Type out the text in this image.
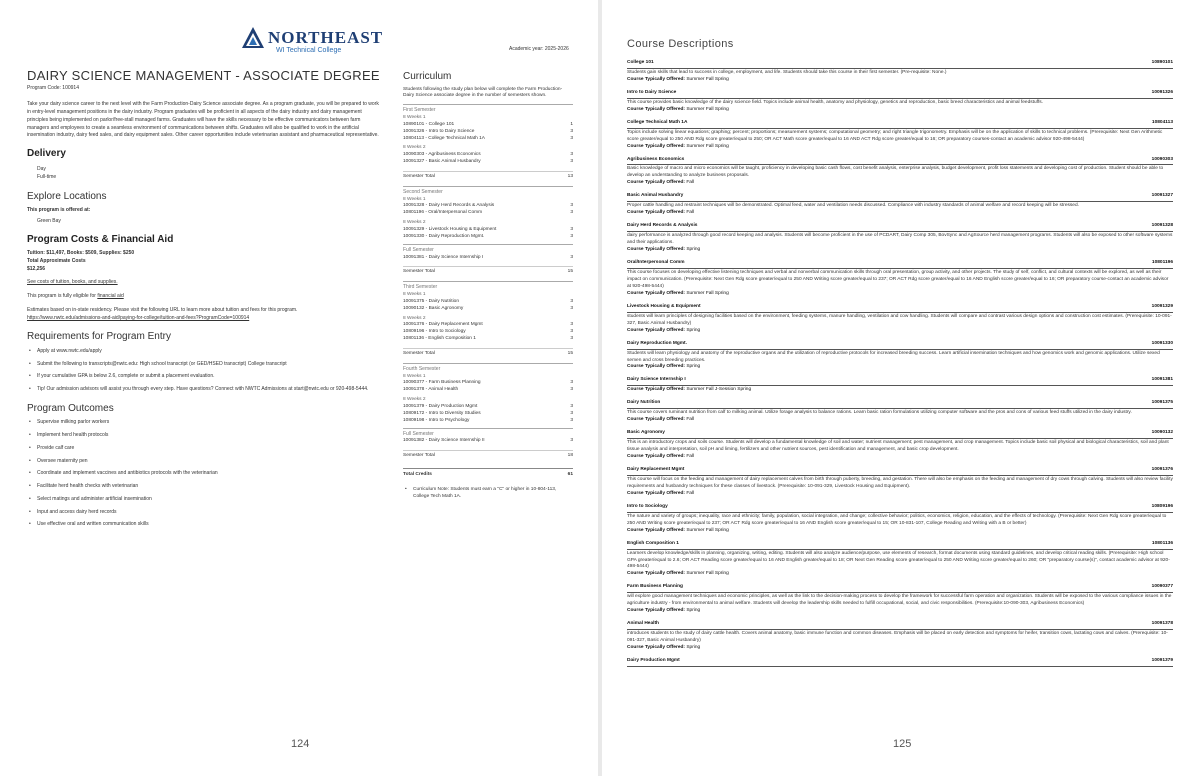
NORTHEAST
WI Technical College	Academic year: 2025-2026
DAIRY SCIENCE MANAGEMENT - ASSOCIATE DEGREE
Program Code: 100914
Take your dairy science career to the next level with the Farm Production-Dairy Science associate degree. As a program graduate, you will be prepared to work in entry-level management positions in the dairy industry. Program graduates will be proficient in all aspects of the dairy industry and dairy management principles being implemented on parlor/free-stall managed farms. Graduates will have the skills necessary to be effective communicators between farm managers and employees to create a seamless environment of communications between shifts. Graduates will also be qualified to work in the artificial insemination industry, dairy feed sales, and dairy equipment sales. Other career opportunities include veterinarian assistant and pharmaceutical representative.
Delivery
Day
Full-time
Explore Locations
This program is offered at:
Green Bay
Program Costs & Financial Aid
Tuition: $11,497, Books: $509, Supplies: $250
Total Approximate Costs
$12,256
See costs of tuition, books, and supplies.
This program is fully eligible for financial aid
Estimates based on in-state residency. Please visit the following URL to learn more about tuition and fees for this program.
https://www.nwtc.edu/admissions-and-aid/paying-for-college/tuition-and-fees?ProgramCode=100914
Requirements for Program Entry
• Apply at www.nwtc.edu/apply
• Submit the following to transcripts@nwtc.edu: High school transcript (or GED/HSED transcript) College transcript
• If your cumulative GPA is below 2.6, complete or submit a placement evaluation.
• Tip! Our admission advisors will assist you through every step. Have questions? Connect with NWTC Admissions at start@nwtc.edu or 920-498-5444.
Program Outcomes
• Supervise milking parlor workers
• Implement herd health protocols
• Provide calf care
• Oversee maternity pen
• Coordinate and implement vaccines and antibiotics protocols with the veterinarian
• Facilitate herd health checks with veterinarian
• Select matings and administer artificial insemination
• Input and access dairy herd records
• Use effective oral and written communication skills
Curriculum
Students following the study plan below will complete the Farm Production-Dairy Science associate degree in the number of semesters shown.
First Semester
8 Weeks 1
10890101 - College 101	1
10091326 - Intro to Dairy Science	3
10804113 - College Technical Math 1A	3
8 Weeks 2
10090303 - Agribusiness Economics	3
10091327 - Basic Animal Husbandry	3
Semester Total	13
Second Semester
8 Weeks 1
10091328 - Dairy Herd Records & Analysis	3
10801196 - Oral/Interpersonal Comm	3
8 Weeks 2
10091329 - Livestock Housing & Equipment	3
10091330 - Dairy Reproduction Mgmt.	3
Full Semester
10091381 - Dairy Science Internship I	3
Semester Total	15
Third Semester
8 Weeks 1
10091375 - Dairy Nutrition	3
10090132 - Basic Agronomy	3
8 Weeks 2
10091376 - Dairy Replacement Mgmt	3
10809196 - Intro to Sociology	3
10801136 - English Composition 1	3
Semester Total	15
Fourth Semester
8 Weeks 1
10090377 - Farm Business Planning	3
10091378 - Animal Health	3
8 Weeks 2
10091379 - Dairy Production Mgmt	3
10809172 - Intro to Diversity Studies	3
10809198 - Intro to Psychology	3
Full Semester
10091382 - Dairy Science Internship II	3
Semester Total	18
Total Credits	61
• Curriculum Note: Students must earn a "C" or higher in 10-804-113, College Tech Math 1A.
124
Course Descriptions
College 101	10890101
Students gain skills that lead to success in college, employment, and life. Students should take this course in their first semester. (Pre-requisite: None.)
Course Typically Offered: Summer Fall Spring
Intro to Dairy Science	10091326
This course provides basic knowledge of the dairy science field. Topics include animal health, anatomy and physiology, genetics and reproduction, basic breed characteristics and animal feedstuffs.
Course Typically Offered: Summer Fall Spring
College Technical Math 1A	10804113
Topics include solving linear equations; graphing; percent; proportions; measurement systems; computational geometry; and right triangle trigonometry. Emphasis will be on the application of skills to technical problems. (Prerequisite: Next Gen Arithmetic score greater/equal to 250 AND Rdg score greater/equal to 250; OR ACT Math score greater/equal to 16 AND ACT Rdg score greater/equal to 16; OR preparatory courses-contact an academic advisor 920-498-5444)
Course Typically Offered: Summer Fall Spring
Agribusiness Economics	10090303
Basic knowledge of macro and micro economics will be taught, proficiency in developing basic cash flows, cost benefit analysis, enterprise analysis, budget development, profit loss statements and developing cost of production. Student should be able to develop an understanding to analyze business proposals.
Course Typically Offered: Fall
Basic Animal Husbandry	10091327
Proper cattle handling and restraint techniques will be demonstrated. Optimal feed, water and ventilation needs discussed. Compliance with industry standards of animal welfare and record keeping will be stressed.
Course Typically Offered: Fall
Dairy Herd Records & Analysis	10091328
dairy performance is analyzed through good record keeping and analysis. Students will become proficient in the use of PCDART, Dairy Comp 305, BovSync and AgSource herd management programs. Students will also be exposed to other software systems and their applications.
Course Typically Offered: Spring
Oral/Interpersonal Comm	10801196
This course focuses on developing effective listening techniques and verbal and nonverbal communication skills through oral presentation, group activity, and other projects. The study of self, conflict, and cultural contexts will be explored, as well as their impact on communication. (Prerequisite: Next Gen Rdg score greater/equal to 250 AND Writing score greater/equal to 237; OR ACT Rdg score greater/equal to 16 AND English score greater/equal to 16; OR preparatory course-contact an academic advisor at 920-498-5444)
Course Typically Offered: Summer Fall Spring
Livestock Housing & Equipment	10091329
students will learn principles of designing facilities based on the environment, feeding systems, manure handling, ventilation and cow handling. Students will compare and contrast various design options and construction cost estimates. (Prerequisite: 10-091-327, Basic Animal Husbandry)
Course Typically Offered: Spring
Dairy Reproduction Mgmt.	10091330
Students will learn physiology and anatomy of the reproductive organs and the utilization of reproductive protocols for increased breeding success. Learn artificial insemination techniques and how genomics work and genomic applications. Utilize sexed semen and cross breeding practices.
Course Typically Offered: Spring
Dairy Science Internship I	10091381
Course Typically Offered: Summer Fall J-Session Spring
Dairy Nutrition	10091375
This course covers ruminant nutrition from calf to milking animal. Utilize forage analysis to balance rations. Learn basic ration formulations utilizing computer software and the pros and cons of various feed stuffs utilized in the dairy industry.
Course Typically Offered: Fall
Basic Agronomy	10090132
This is an introductory crops and soils course. Students will develop a fundamental knowledge of soil and water; nutrient management; pest management, and crop management. Topics include basic soil physical and biological characteristics, soil and plant tissue analysis and interpretation, soil pH and liming, fertilizers and other nutrient sources, pest identification and management, and basic crop development.
Course Typically Offered: Fall
Dairy Replacement Mgmt	10091376
This course will focus on the feeding and management of dairy replacement calves from birth through puberty, breeding, and gestation. There will also be emphasis on the feeding and management of dry cows through calving. Students will also review facility requirements and husbandry techniques for these classes of livestock. (Prerequisite: 10-091-329, Livestock Housing and Equipment).
Course Typically Offered: Fall
Intro to Sociology	10809196
The nature and variety of groups; inequality, race and ethnicity; family, population, social integration, and change; collective behavior; politics, economics, religion, education, and the effects of technology. (Prerequisite: Next Gen Rdg score greater/equal to 250 AND Writing score greater/equal to 237; OR ACT Rdg score greater/equal to 16 AND English score greater/equal to 15; OR 10-831-107, College Reading and Writing with a B or better)
Course Typically Offered: Summer Fall Spring
English Composition 1	10801136
Learners develop knowledge/skills in planning, organizing, writing, editing. Students will also analyze audience/purpose, use elements of research, format documents using standard guidelines, and develop critical reading skills. (Prerequisite: High school GPA greater/equal to 2.6; OR ACT Reading score greater/equal to 16 AND English greater/equal to 18; OR Next Gen Reading score greater/equal to 250 AND Writing score greater/equal to 260; OR "preparatory course(s)", contact academic advisor at 920-498-5444)
Course Typically Offered: Summer Fall Spring
Farm Business Planning	10090377
will explore good management techniques and economic principles, as well as the link to the decision-making process to develop the framework for successful farm operation and organization. Students will be exposed to the various compliance issues in the agriculture industry - from environmental to animal welfare. Students will develop the leadership skills needed to fulfill occupational, social, and civic responsibilities. (Prerequisite:10-090-303, Agribusiness Economics)
Course Typically Offered: Spring
Animal Health	10091378
introduces students to the study of dairy cattle health. Covers animal anatomy, basic immune function and common diseases. Emphasis will be placed on early detection and symptoms for heifer, transition cows, lactating cows and calves. (Prerequisite: 10-091-327, Basic Animal Husbandry)
Course Typically Offered: Spring
Dairy Production Mgmt	10091379
125
